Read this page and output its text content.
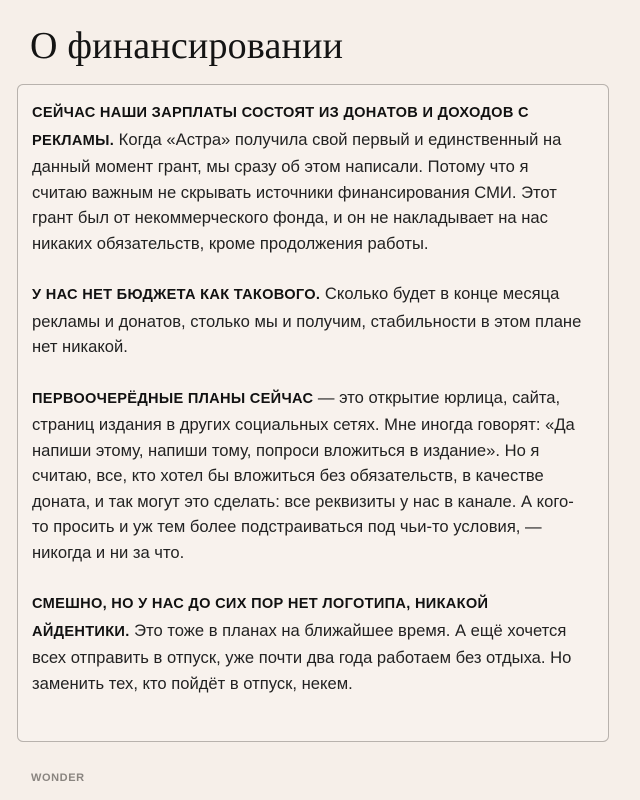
О финансировании

СЕЙЧАС НАШИ ЗАРПЛАТЫ СОСТОЯТ ИЗ ДОНАТОВ И ДОХОДОВ С РЕКЛАМЫ. Когда «Астра» получила свой первый и единственный на данный момент грант, мы сразу об этом написали. Потому что я считаю важным не скрывать источники финансирования СМИ. Этот грант был от некоммерческого фонда, и он не накладывает на нас никаких обязательств, кроме продолжения работы.

У НАС НЕТ БЮДЖЕТА КАК ТАКОВОГО. Сколько будет в конце месяца рекламы и донатов, столько мы и получим, стабильности в этом плане нет никакой.

ПЕРВООЧЕРЁДНЫЕ ПЛАНЫ СЕЙЧАС — это открытие юрлица, сайта, страниц издания в других социальных сетях. Мне иногда говорят: «Да напиши этому, напиши тому, попроси вложиться в издание». Но я считаю, все, кто хотел бы вложиться без обязательств, в качестве доната, и так могут это сделать: все реквизиты у нас в канале. А кого-то просить и уж тем более подстраиваться под чьи-то условия, — никогда и ни за что.

СМЕШНО, НО У НАС ДО СИХ ПОР НЕТ ЛОГОТИПА, НИКАКОЙ АЙДЕНТИКИ. Это тоже в планах на ближайшее время. А ещё хочется всех отправить в отпуск, уже почти два года работаем без отдыха. Но заменить тех, кто пойдёт в отпуск, некем.

WONDER
